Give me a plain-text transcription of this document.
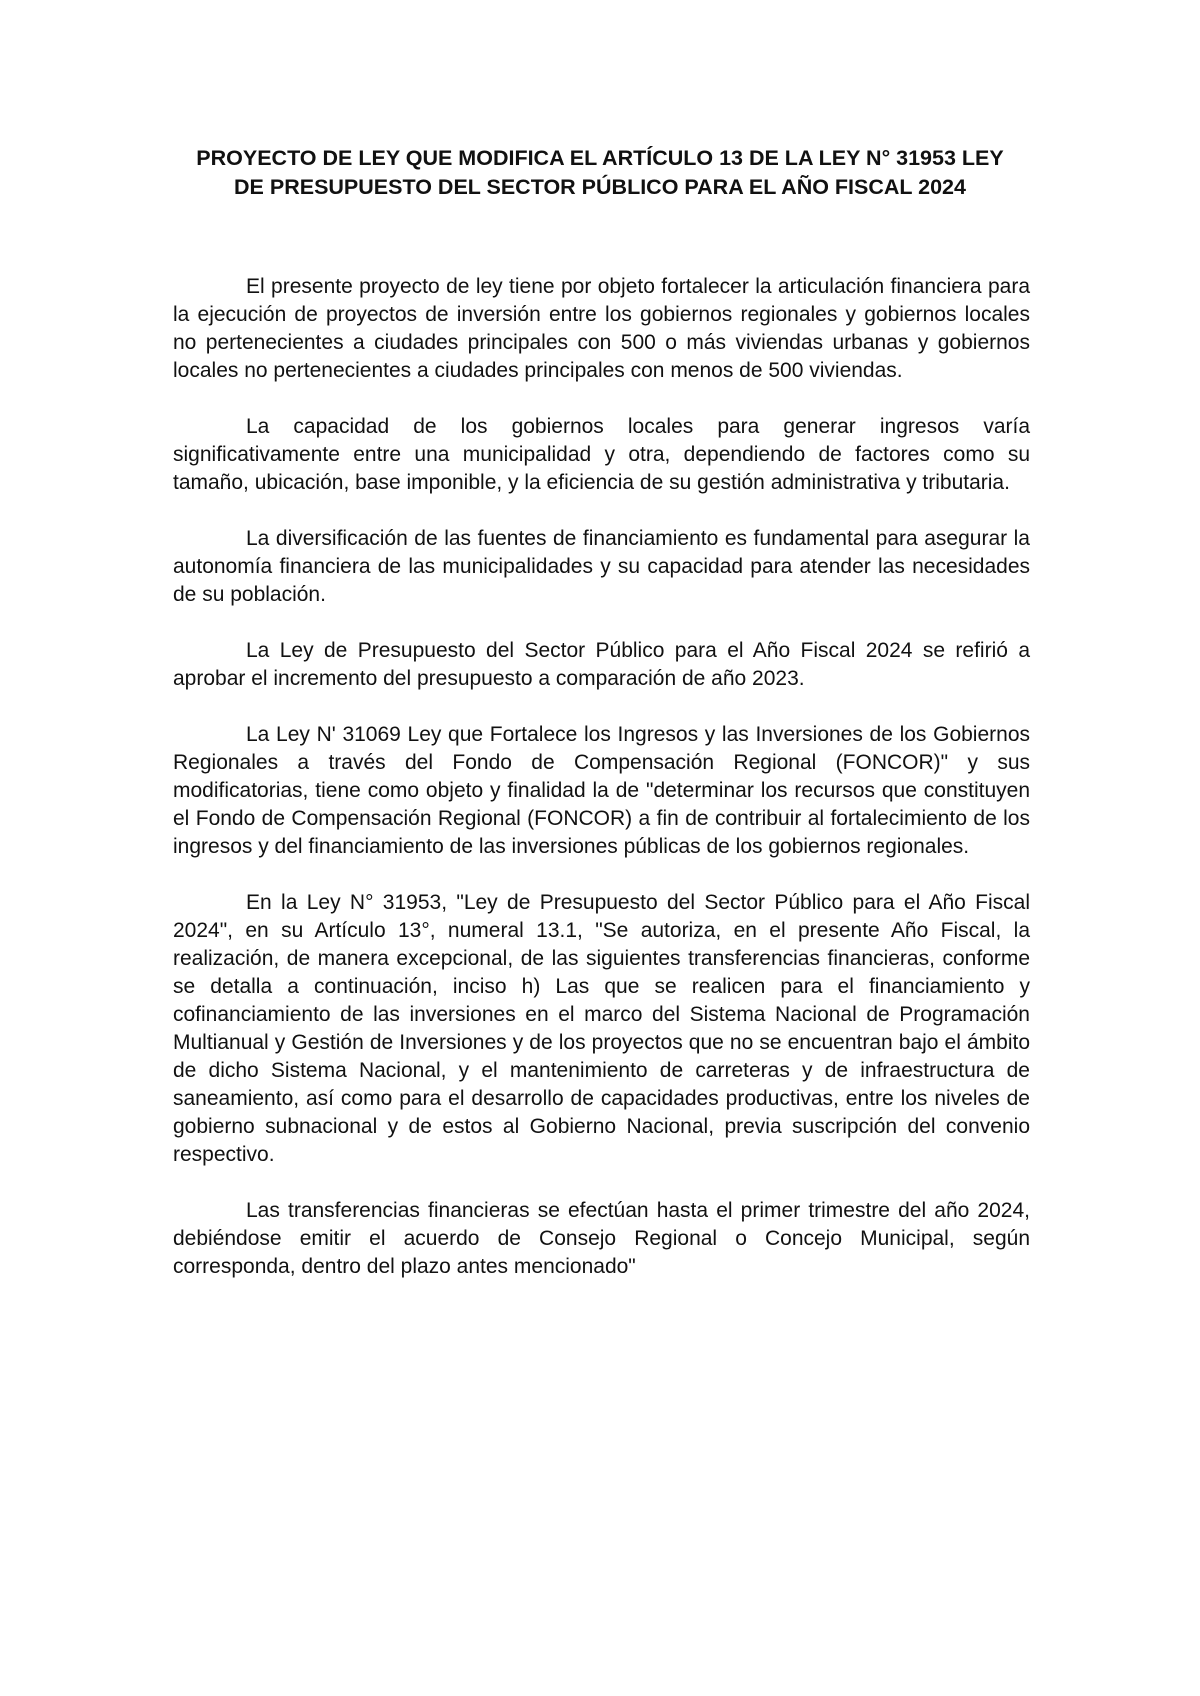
PROYECTO DE LEY QUE MODIFICA EL ARTÍCULO 13 DE LA LEY N° 31953 LEY DE PRESUPUESTO DEL SECTOR PÚBLICO PARA EL AÑO FISCAL 2024

El presente proyecto de ley tiene por objeto fortalecer la articulación financiera para la ejecución de proyectos de inversión entre los gobiernos regionales y gobiernos locales no pertenecientes a ciudades principales con 500 o más viviendas urbanas y gobiernos locales no pertenecientes a ciudades principales con menos de 500 viviendas.

La capacidad de los gobiernos locales para generar ingresos varía significativamente entre una municipalidad y otra, dependiendo de factores como su tamaño, ubicación, base imponible, y la eficiencia de su gestión administrativa y tributaria.

La diversificación de las fuentes de financiamiento es fundamental para asegurar la autonomía financiera de las municipalidades y su capacidad para atender las necesidades de su población.

La Ley de Presupuesto del Sector Público para el Año Fiscal 2024 se refirió a aprobar el incremento del presupuesto a comparación de año 2023.

La Ley N' 31069 Ley que Fortalece los Ingresos y las Inversiones de los Gobiernos Regionales a través del Fondo de Compensación Regional (FONCOR)" y sus modificatorias, tiene como objeto y finalidad la de "determinar los recursos que constituyen el Fondo de Compensación Regional (FONCOR) a fin de contribuir al fortalecimiento de los ingresos y del financiamiento de las inversiones públicas de los gobiernos regionales.

En la Ley N° 31953, "Ley de Presupuesto del Sector Público para el Año Fiscal 2024", en su Artículo 13°, numeral 13.1, "Se autoriza, en el presente Año Fiscal, la realización, de manera excepcional, de las siguientes transferencias financieras, conforme se detalla a continuación, inciso h) Las que se realicen para el financiamiento y cofinanciamiento de las inversiones en el marco del Sistema Nacional de Programación Multianual y Gestión de Inversiones y de los proyectos que no se encuentran bajo el ámbito de dicho Sistema Nacional, y el mantenimiento de carreteras y de infraestructura de saneamiento, así como para el desarrollo de capacidades productivas, entre los niveles de gobierno subnacional y de estos al Gobierno Nacional, previa suscripción del convenio respectivo.

Las transferencias financieras se efectúan hasta el primer trimestre del año 2024, debiéndose emitir el acuerdo de Consejo Regional o Concejo Municipal, según corresponda, dentro del plazo antes mencionado"
